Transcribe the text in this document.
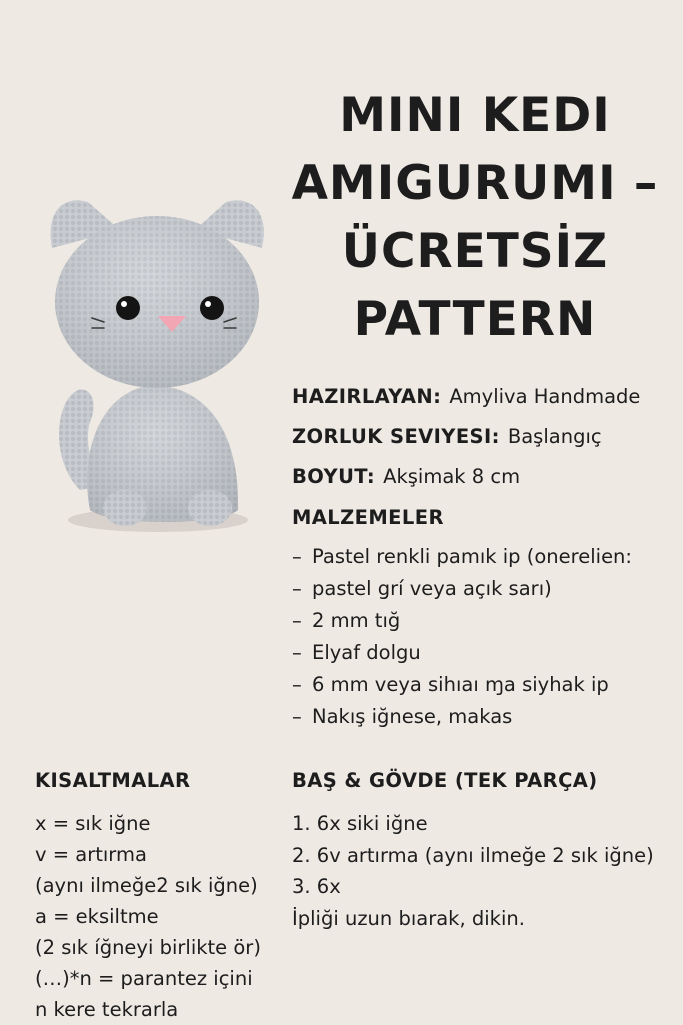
MINI KEDI
AMIGURUMI –
ÜCRETSİZ
PATTERN
HAZIRLAYAN: Amyliva Handmade
ZORLUK SEVIYESI: Başlangıç
BOYUT: Akşimak 8 cm
MALZEMELER
– Pastel renkli pamık ip (onerelien:
– pastel grí veya açık sarı)
– 2 mm tığ
– Elyaf dolgu
– 6 mm veya sihıaı ɱa siyhak ip
– Nakış iğnese, makas
KISALTMALAR
x = sık iğne
v = artırma
(aynı ilmeğe2 sık iğne)
a = eksiltme
(2 sık íğneyi birlikte ör)
(…)*n = parantez içini
n kere tekrarla
BAŞ & GÖVDE (TEK PARÇA)
1. 6x siki iğne
2. 6v artırma (aynı ilmeğe 2 sık iğne)
3. 6x
İpliği uzun bıarak, dikin.
